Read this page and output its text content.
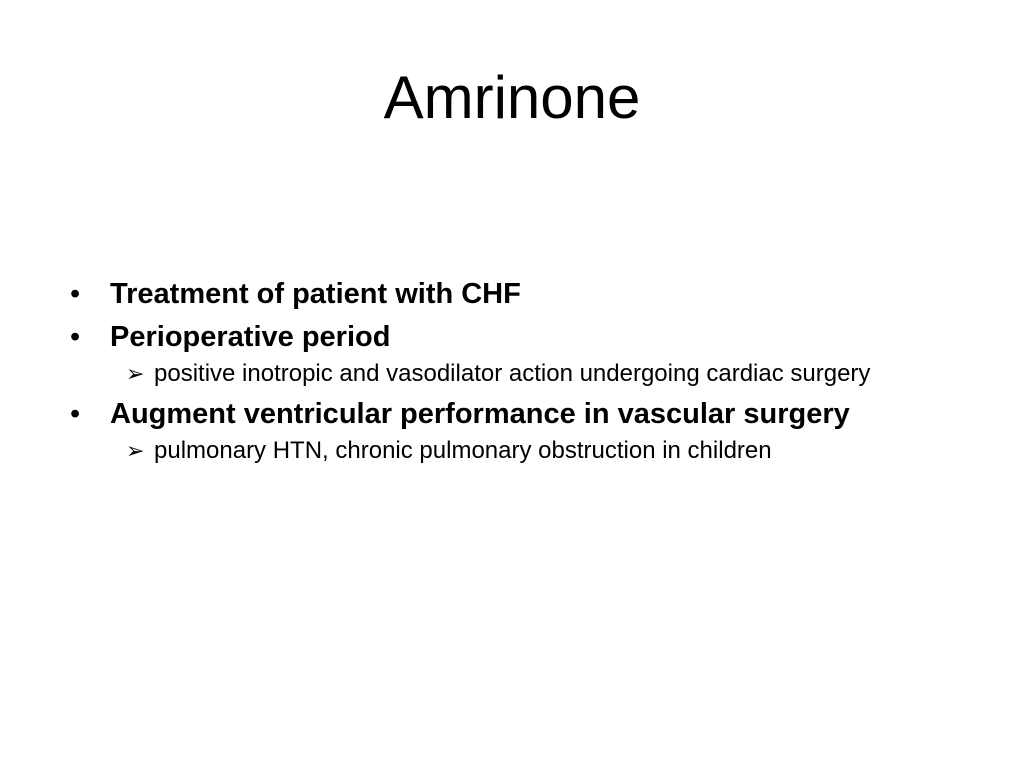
Amrinone
• Treatment of patient with CHF
• Perioperative period
➢ positive inotropic and vasodilator action undergoing cardiac surgery
• Augment ventricular performance in vascular surgery
➢ pulmonary HTN, chronic pulmonary obstruction in children
